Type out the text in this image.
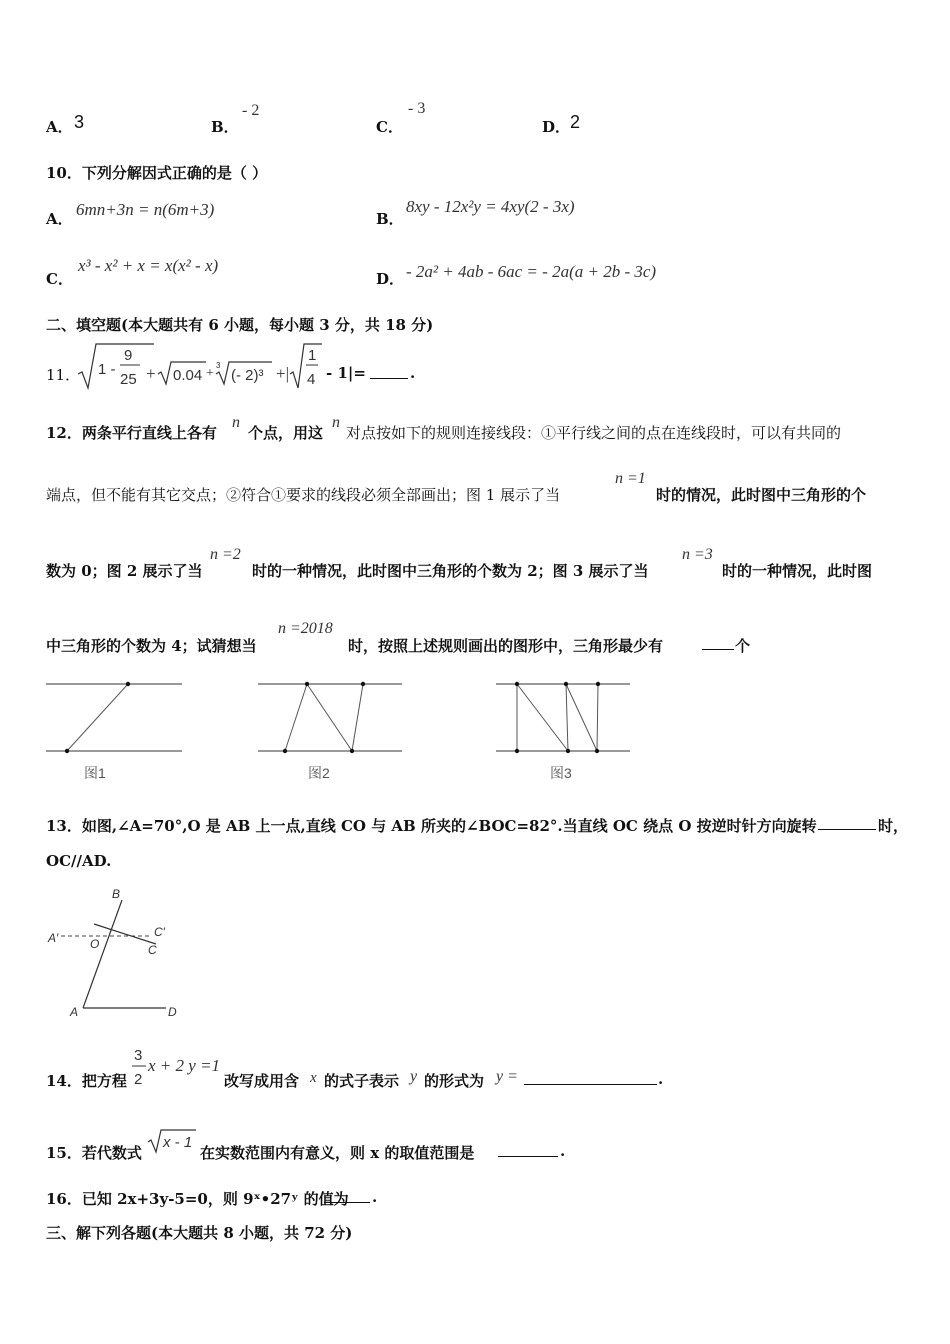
A． 3	B．
- 2
C．
- 3
D． 2
10．下列分解因式正确的是（ ）
A． 6mn+3n = n(6m+3)	B．
8xy - 12x²y = 4xy(2 - 3x)
C．
x³ - x² + x = x(x² - x)
D． - 2a² + 4ab - 6ac = - 2a(a + 2b - 3c)
二、填空题(本大题共有 6 小题，每小题 3 分，共 18 分)
11． 1 -
9
25 + 0.04 +
3
(- 2)³ +|
1
4 - 1|=	.
12．两条平行直线上各有
n
个点，用这
n
对点按如下的规则连接线段：①平行线之间的点在连线段时，可以有共同的
端点，但不能有其它交点；②符合①要求的线段必须全部画出；图 1 展示了当
n =1
时的情况，此时图中三角形的个
数为 0；图 2 展示了当
n =2
时的一种情况，此时图中三角形的个数为 2；图 3 展示了当
n =3
时的一种情况，此时图
中三角形的个数为 4；试猜想当
n =2018
时，按照上述规则画出的图形中，三角形最少有	个
图1	图2	图3
13．如图,∠A=70°,O 是 AB 上一点,直线 CO 与 AB 所夹的∠BOC=82°.当直线 OC 绕点 O 按逆时针方向旋转	时，
OC//AD.
B
A′	O
C′
C
A	D
14．把方程
3
2
x + 2 y =1
改写成用含 x 的式子表示 y 的形式为 y =	.
15．若代数式
x - 1
在实数范围内有意义，则 x 的取值范围是	.
16．已知 2x+3y-5=0，则 9ˣ•27ʸ 的值为 .
三、解下列各题(本大题共 8 小题，共 72 分)
